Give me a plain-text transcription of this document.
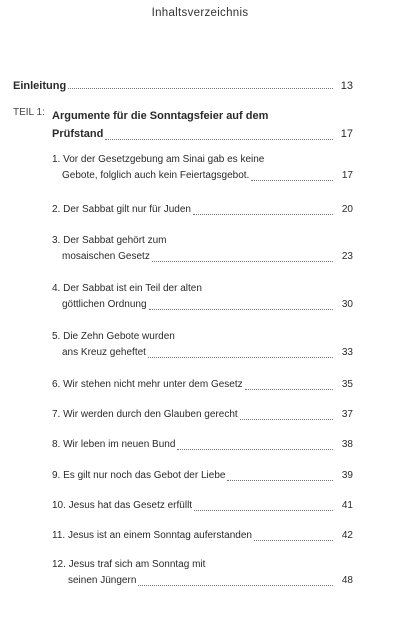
Inhaltsverzeichnis
Einleitung	13
TEIL 1: Argumente für die Sonntagsfeier auf dem
Prüfstand	17
1. Vor der Gesetzgebung am Sinai gab es keine
Gebote, folglich auch kein Feiertagsgebot.	17
2. Der Sabbat gilt nur für Juden	20
3. Der Sabbat gehört zum
mosaischen Gesetz	23
4. Der Sabbat ist ein Teil der alten
göttlichen Ordnung	30
5. Die Zehn Gebote wurden
ans Kreuz geheftet	33
6. Wir stehen nicht mehr unter dem Gesetz	35
7. Wir werden durch den Glauben gerecht	37
8. Wir leben im neuen Bund	38
9. Es gilt nur noch das Gebot der Liebe	39
10. Jesus hat das Gesetz erfüllt	41
11. Jesus ist an einem Sonntag auferstanden	42
12. Jesus traf sich am Sonntag mit
seinen Jüngern	48
